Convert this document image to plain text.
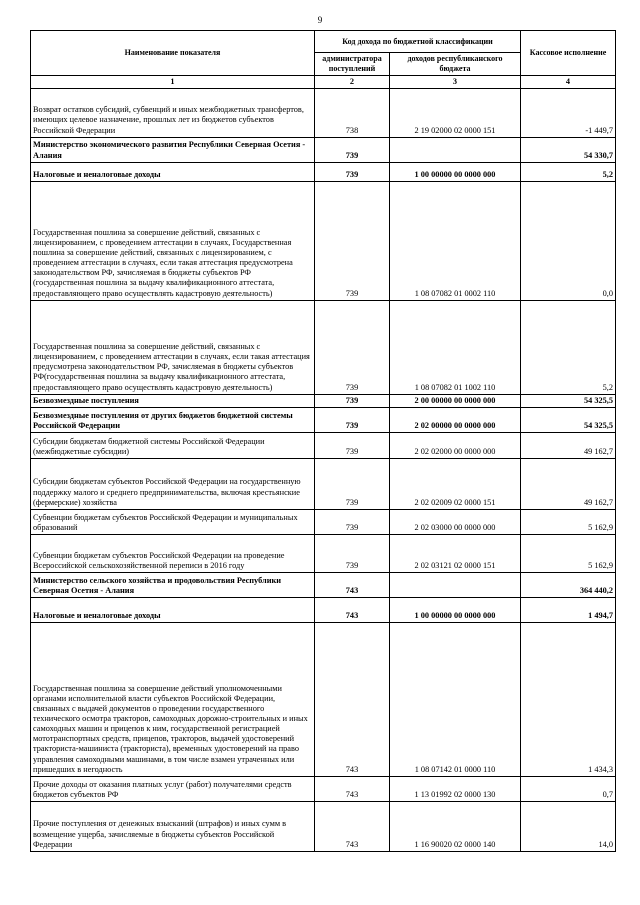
9
Наименование показателя	Код дохода по бюджетной классификации		Кассовое исполнение
	администратора поступлений	доходов республиканского бюджета	
1	2	3	4
Возврат остатков субсидий, субвенций и иных межбюджетных трансфертов, имеющих целевое назначение, прошлых лет из бюджетов субъектов Российской Федерации	738	2 19 02000 02 0000 151	-1 449,7
Министерство экономического развития Республики Северная Осетия - Алания	739		54 330,7
Налоговые и неналоговые доходы	739	1 00 00000 00 0000 000	5,2
Государственная пошлина за совершение действий, связанных с лицензированием, с проведением аттестации в случаях, Государственная пошлина за совершение действий, связанных с лицензированием, с проведением аттестации в случаях, если такая аттестация предусмотрена законодательством РФ, зачисляемая в бюджеты субъектов РФ (государственная пошлина за выдачу квалификационного аттестата, предоставляющего право осуществлять кадастровую деятельность)	739	1 08 07082 01 0002 110	0,0
Государственная пошлина за совершение действий, связанных с лицензированием, с проведением аттестации в случаях, если такая аттестация предусмотрена законодательством РФ, зачисляемая в бюджеты субъектов РФ(государственная пошлина за выдачу квалификационного аттестата, предоставляющего право осуществлять кадастровую деятельность)	739	1 08 07082 01 1002 110	5,2
Безвозмездные поступления	739	2 00 00000 00 0000 000	54 325,5
Безвозмездные поступления от других бюджетов бюджетной системы Российской Федерации	739	2 02 00000 00 0000 000	54 325,5
Субсидии бюджетам бюджетной системы Российской Федерации (межбюджетные субсидии)	739	2 02 02000 00 0000 000	49 162,7
Субсидии бюджетам субъектов Российской Федерации на государственную поддержку малого и среднего предпринимательства, включая крестьянские (фермерские) хозяйства	739	2 02 02009 02 0000 151	49 162,7
Субвенции бюджетам субъектов Российской Федерации и муниципальных образований	739	2 02 03000 00 0000 000	5 162,9
Субвенции бюджетам субъектов Российской Федерации на проведение Всероссийской сельскохозяйственной переписи в 2016 году	739	2 02 03121 02 0000 151	5 162,9
Министерство сельского хозяйства и продовольствия Республики Северная Осетия - Алания	743		364 440,2
Налоговые и неналоговые доходы	743	1 00 00000 00 0000 000	1 494,7
Государственная пошлина за совершение действий уполномоченными органами исполнительной власти субъектов Российской Федерации, связанных с выдачей документов о проведении государственного технического осмотра тракторов, самоходных дорожно-строительных и иных самоходных машин и прицепов к ним, государственной регистрацией мототранспортных средств, прицепов, тракторов, выдачей удостоверений тракториста-машиниста (тракториста), временных удостоверений на право управления самоходными машинами, в том числе взамен утраченных или пришедших в негодность	743	1 08 07142 01 0000 110	1 434,3
Прочие доходы от оказания платных услуг (работ) получателями средств бюджетов субъектов РФ	743	1 13 01992 02 0000 130	0,7
Прочие поступления от денежных взысканий (штрафов) и иных сумм в возмещение ущерба, зачисляемые в бюджеты субъектов Российской Федерации	743	1 16 90020 02 0000 140	14,0
